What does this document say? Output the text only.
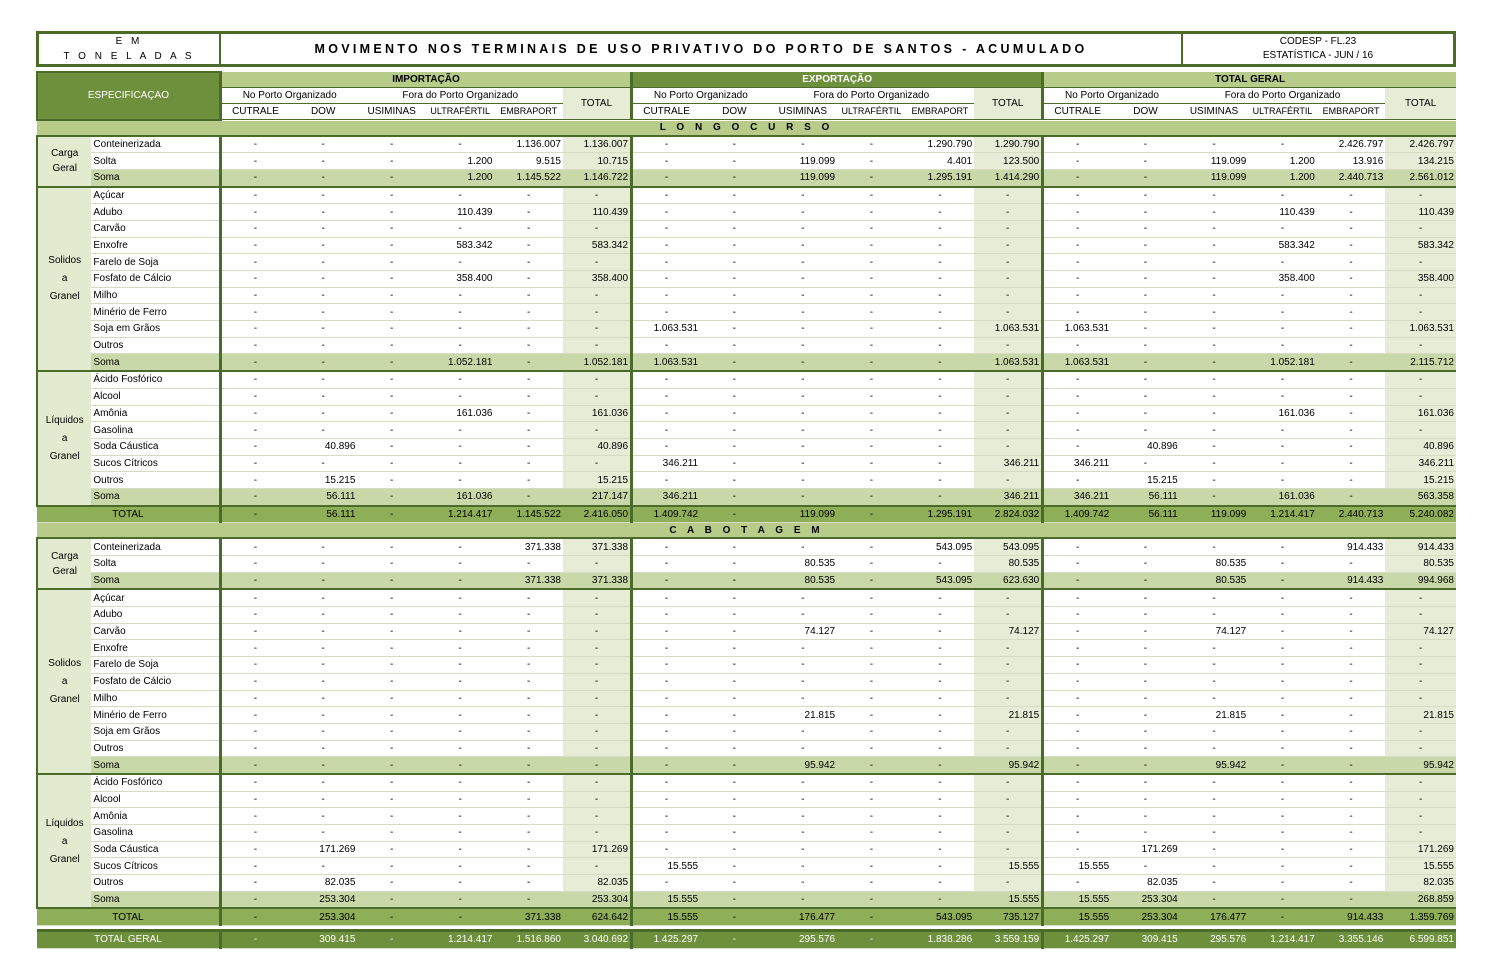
E M
T O N E L A D A S
MOVIMENTO NOS TERMINAIS DE USO PRIVATIVO DO PORTO DE SANTOS - ACUMULADO
CODESP - FL.23
ESTATÍSTICA - JUN / 16
ESPECIFICAÇAO		IMPORTAÇÃO						EXPORTAÇÃO						TOTAL GERAL					
		No Porto Organizado		Fora do Porto Organizado			TOTAL	No Porto Organizado		Fora do Porto Organizado			TOTAL	No Porto Organizado		Fora do Porto Organizado			TOTAL
		CUTRALE	DOW	USIMINAS	ULTRAFÉRTIL	EMBRAPORT		CUTRALE	DOW	USIMINAS	ULTRAFÉRTIL	EMBRAPORT		CUTRALE	DOW	USIMINAS	ULTRAFÉRTIL	EMBRAPORT	
L O N G O C U R S O																			

Carga
Geral	Conteinerizada	-	-	-	-	1.136.007	1.136.007	-	-	-	-	1.290.790	1.290.790	-	-	-	-	2.426.797	2.426.797
	Solta	-	-	-	1.200	9.515	10.715	-	-	119.099	-	4.401	123.500	-	-	119.099	1.200	13.916	134.215
	Soma	-	-	-	1.200	1.145.522	1.146.722	-	-	119.099	-	1.295.191	1.414.290	-	-	119.099	1.200	2.440.713	2.561.012

Solidos
a
Granel	Açúcar	-	-	-	-	-	-	-	-	-	-	-	-	-	-	-	-	-	-
	Adubo	-	-	-	110.439	-	110.439	-	-	-	-	-	-	-	-	-	110.439	-	110.439
	Carvão	-	-	-	-	-	-	-	-	-	-	-	-	-	-	-	-	-	-
	Enxofre	-	-	-	583.342	-	583.342	-	-	-	-	-	-	-	-	-	583.342	-	583.342
	Farelo de Soja	-	-	-	-	-	-	-	-	-	-	-	-	-	-	-	-	-	-
	Fosfato de Cálcio	-	-	-	358.400	-	358.400	-	-	-	-	-	-	-	-	-	358.400	-	358.400
	Milho	-	-	-	-	-	-	-	-	-	-	-	-	-	-	-	-	-	-
	Minério de Ferro	-	-	-	-	-	-	-	-	-	-	-	-	-	-	-	-	-	-
	Soja em Grãos	-	-	-	-	-	-	1.063.531	-	-	-	-	1.063.531	1.063.531	-	-	-	-	1.063.531
	Outros	-	-	-	-	-	-	-	-	-	-	-	-	-	-	-	-	-	-
	Soma	-	-	-	1.052.181	-	1.052.181	1.063.531	-	-	-	-	1.063.531	1.063.531	-	-	1.052.181	-	2.115.712

Líquidos
a
Granel	Ácido Fosfórico	-	-	-	-	-	-	-	-	-	-	-	-	-	-	-	-	-	-
	Alcool	-	-	-	-	-	-	-	-	-	-	-	-	-	-	-	-	-	-
	Amônia	-	-	-	161.036	-	161.036	-	-	-	-	-	-	-	-	-	161.036	-	161.036
	Gasolina	-	-	-	-	-	-	-	-	-	-	-	-	-	-	-	-	-	-
	Soda Cáustica	-	40.896	-	-	-	40.896	-	-	-	-	-	-	-	40.896	-	-	-	40.896
	Sucos Cítricos	-	-	-	-	-	-	346.211	-	-	-	-	346.211	346.211	-	-	-	-	346.211
	Outros	-	15.215	-	-	-	15.215	-	-	-	-	-	-	-	15.215	-	-	-	15.215
	Soma	-	56.111	-	161.036	-	217.147	346.211	-	-	-	-	346.211	346.211	56.111	-	161.036	-	563.358
TOTAL		-	56.111	-	1.214.417	1.145.522	2.416.050	1.409.742	-	119.099	-	1.295.191	2.824.032	1.409.742	56.111	119.099	1.214.417	2.440.713	5.240.082
C A B O T A G E M																			

Carga
Geral	Conteinerizada	-	-	-	-	371.338	371.338	-	-	-	-	543.095	543.095	-	-	-	-	914.433	914.433
	Solta	-	-	-	-	-	-	-	-	80.535	-	-	80.535	-	-	80.535	-	-	80.535
	Soma	-	-	-	-	371.338	371.338	-	-	80.535	-	543.095	623.630	-	-	80.535	-	914.433	994.968

Solidos
a
Granel	Açúcar	-	-	-	-	-	-	-	-	-	-	-	-	-	-	-	-	-	-
	Adubo	-	-	-	-	-	-	-	-	-	-	-	-	-	-	-	-	-	-
	Carvão	-	-	-	-	-	-	-	-	74.127	-	-	74.127	-	-	74.127	-	-	74.127
	Enxofre	-	-	-	-	-	-	-	-	-	-	-	-	-	-	-	-	-	-
	Farelo de Soja	-	-	-	-	-	-	-	-	-	-	-	-	-	-	-	-	-	-
	Fosfato de Cálcio	-	-	-	-	-	-	-	-	-	-	-	-	-	-	-	-	-	-
	Milho	-	-	-	-	-	-	-	-	-	-	-	-	-	-	-	-	-	-
	Minério de Ferro	-	-	-	-	-	-	-	-	21.815	-	-	21.815	-	-	21.815	-	-	21.815
	Soja em Grãos	-	-	-	-	-	-	-	-	-	-	-	-	-	-	-	-	-	-
	Outros	-	-	-	-	-	-	-	-	-	-	-	-	-	-	-	-	-	-
	Soma	-	-	-	-	-	-	-	-	95.942	-	-	95.942	-	-	95.942	-	-	95.942

Líquidos
a
Granel	Ácido Fosfórico	-	-	-	-	-	-	-	-	-	-	-	-	-	-	-	-	-	-
	Alcool	-	-	-	-	-	-	-	-	-	-	-	-	-	-	-	-	-	-
	Amônia	-	-	-	-	-	-	-	-	-	-	-	-	-	-	-	-	-	-
	Gasolina	-	-	-	-	-	-	-	-	-	-	-	-	-	-	-	-	-	-
	Soda Cáustica	-	171.269	-	-	-	171.269	-	-	-	-	-	-	-	171.269	-	-	-	171.269
	Sucos Cítricos	-	-	-	-	-	-	15.555	-	-	-	-	15.555	15.555	-	-	-	-	15.555
	Outros	-	82.035	-	-	-	82.035	-	-	-	-	-	-	-	82.035	-	-	-	82.035
	Soma	-	253.304	-	-	-	253.304	15.555	-	-	-	-	15.555	15.555	253.304	-	-	-	268.859
TOTAL		-	253.304	-	-	371.338	624.642	15.555	-	176.477	-	543.095	735.127	15.555	253.304	176.477	-	914.433	1.359.769

TOTAL GERAL		-	309.415	-	1.214.417	1.516.860	3.040.692	1.425.297	-	295.576	-	1.838.286	3.559.159	1.425.297	309.415	295.576	1.214.417	3.355.146	6.599.851
